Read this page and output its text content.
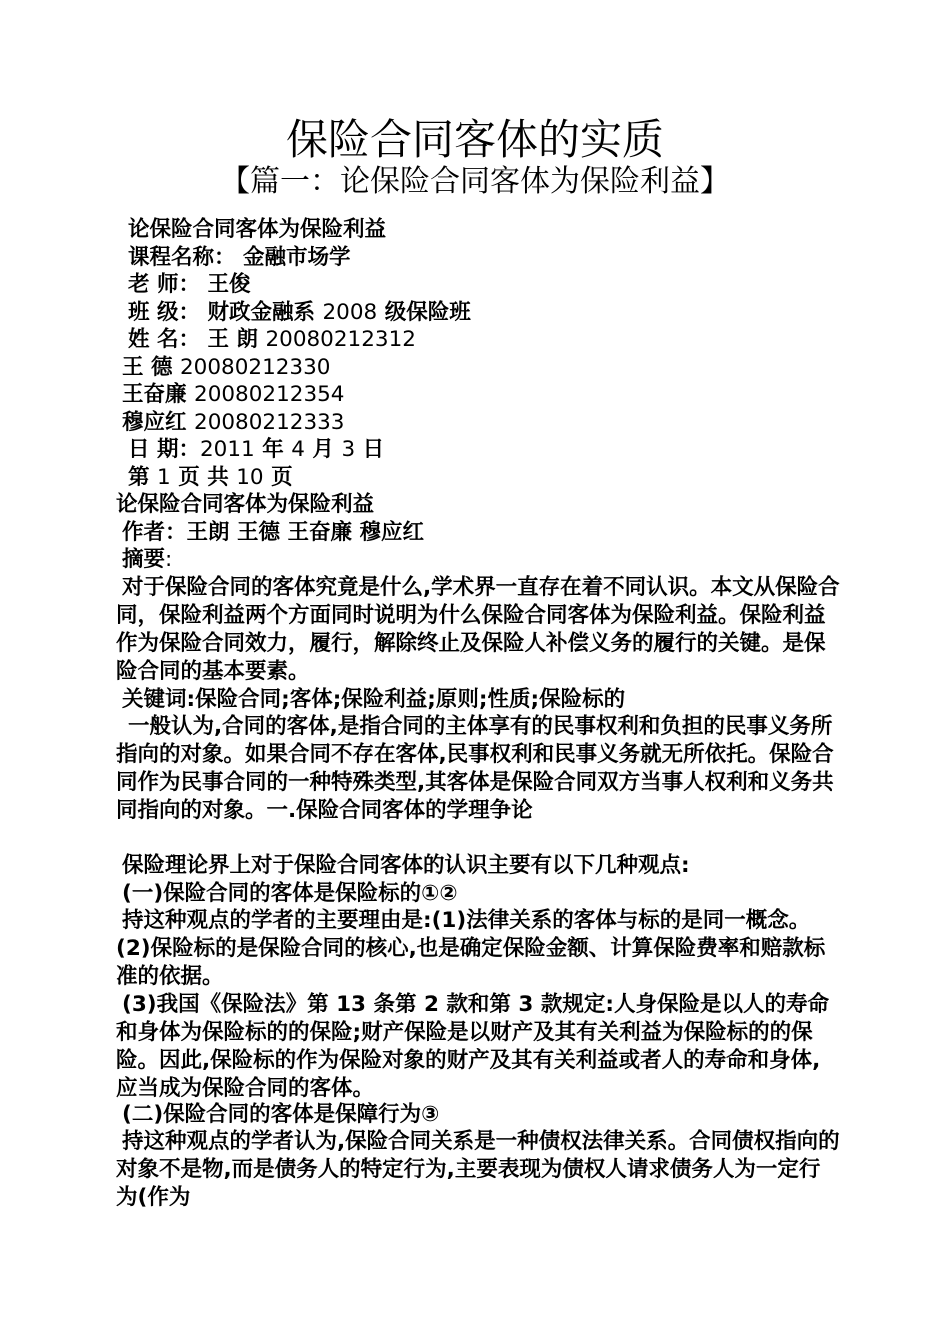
保险合同客体的实质
【篇一：论保险合同客体为保险利益】
论保险合同客体为保险利益
课程名称： 金融市场学
老 师： 王俊
班 级： 财政金融系 2008 级保险班
姓 名： 王 朗 20080212312
王 德 20080212330
王奋廉 20080212354
穆应红 20080212333
日 期：2011 年 4 月 3 日
第 1 页 共 10 页
论保险合同客体为保险利益
作者：王朗 王德 王奋廉 穆应红
摘要:
对于保险合同的客体究竟是什么,学术界一直存在着不同认识。本文从保险合同，保险利益两个方面同时说明为什么保险合同客体为保险利益。保险利益作为保险合同效力，履行，解除终止及保险人补偿义务的履行的关键。是保险合同的基本要素。
关键词:保险合同;客体;保险利益;原则;性质;保险标的
一般认为,合同的客体,是指合同的主体享有的民事权利和负担的民事义务所指向的对象。如果合同不存在客体,民事权利和民事义务就无所依托。保险合同作为民事合同的一种特殊类型,其客体是保险合同双方当事人权利和义务共同指向的对象。一.保险合同客体的学理争论
保险理论界上对于保险合同客体的认识主要有以下几种观点:
(一)保险合同的客体是保险标的①②
持这种观点的学者的主要理由是:(1)法律关系的客体与标的是同一概念。(2)保险标的是保险合同的核心,也是确定保险金额、计算保险费率和赔款标准的依据。
(3)我国《保险法》第 13 条第 2 款和第 3 款规定:人身保险是以人的寿命和身体为保险标的的保险;财产保险是以财产及其有关利益为保险标的的保险。因此,保险标的作为保险对象的财产及其有关利益或者人的寿命和身体,应当成为保险合同的客体。
(二)保险合同的客体是保障行为③
持这种观点的学者认为,保险合同关系是一种债权法律关系。合同债权指向的对象不是物,而是债务人的特定行为,主要表现为债权人请求债务人为一定行为(作为
